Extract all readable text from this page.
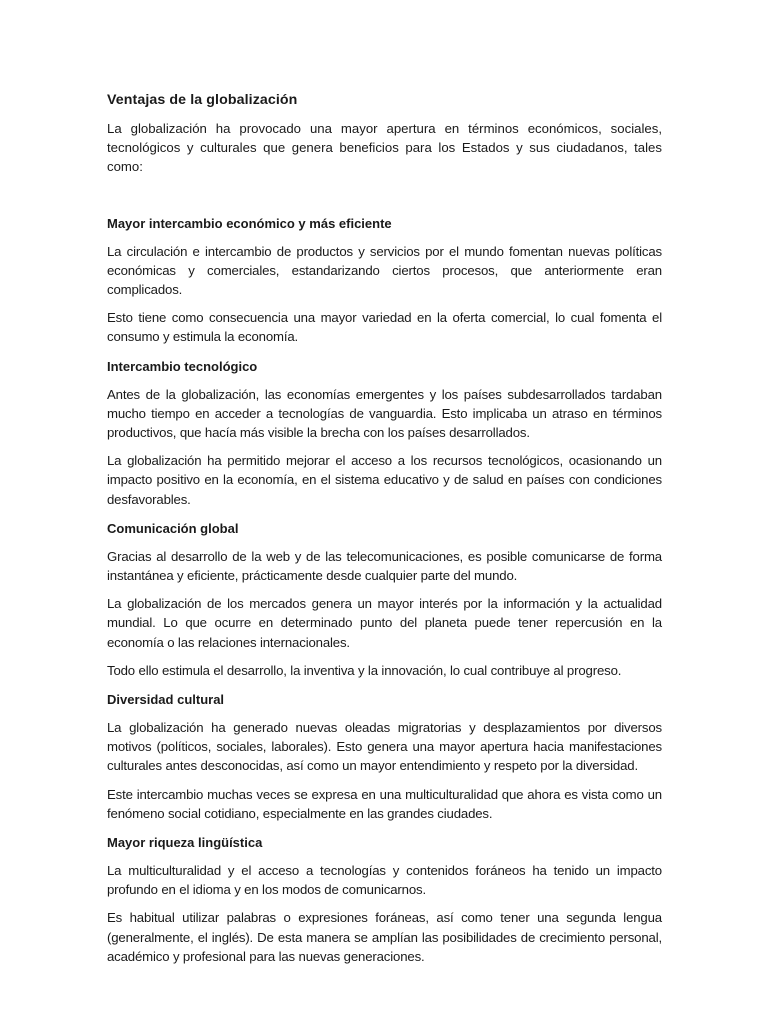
Ventajas de la globalización

La globalización ha provocado una mayor apertura en términos económicos, sociales, tecnológicos y culturales que genera beneficios para los Estados y sus ciudadanos, tales como:

Mayor intercambio económico y más eficiente

La circulación e intercambio de productos y servicios por el mundo fomentan nuevas políticas económicas y comerciales, estandarizando ciertos procesos, que anteriormente eran complicados.

Esto tiene como consecuencia una mayor variedad en la oferta comercial, lo cual fomenta el consumo y estimula la economía.

Intercambio tecnológico

Antes de la globalización, las economías emergentes y los países subdesarrollados tardaban mucho tiempo en acceder a tecnologías de vanguardia. Esto implicaba un atraso en términos productivos, que hacía más visible la brecha con los países desarrollados.

La globalización ha permitido mejorar el acceso a los recursos tecnológicos, ocasionando un impacto positivo en la economía, en el sistema educativo y de salud en países con condiciones desfavorables.

Comunicación global

Gracias al desarrollo de la web y de las telecomunicaciones, es posible comunicarse de forma instantánea y eficiente, prácticamente desde cualquier parte del mundo.

La globalización de los mercados genera un mayor interés por la información y la actualidad mundial. Lo que ocurre en determinado punto del planeta puede tener repercusión en la economía o las relaciones internacionales.

Todo ello estimula el desarrollo, la inventiva y la innovación, lo cual contribuye al progreso.

Diversidad cultural

La globalización ha generado nuevas oleadas migratorias y desplazamientos por diversos motivos (políticos, sociales, laborales). Esto genera una mayor apertura hacia manifestaciones culturales antes desconocidas, así como un mayor entendimiento y respeto por la diversidad.

Este intercambio muchas veces se expresa en una multiculturalidad que ahora es vista como un fenómeno social cotidiano, especialmente en las grandes ciudades.

Mayor riqueza lingüística

La multiculturalidad y el acceso a tecnologías y contenidos foráneos ha tenido un impacto profundo en el idioma y en los modos de comunicarnos.

Es habitual utilizar palabras o expresiones foráneas, así como tener una segunda lengua (generalmente, el inglés). De esta manera se amplían las posibilidades de crecimiento personal, académico y profesional para las nuevas generaciones.
